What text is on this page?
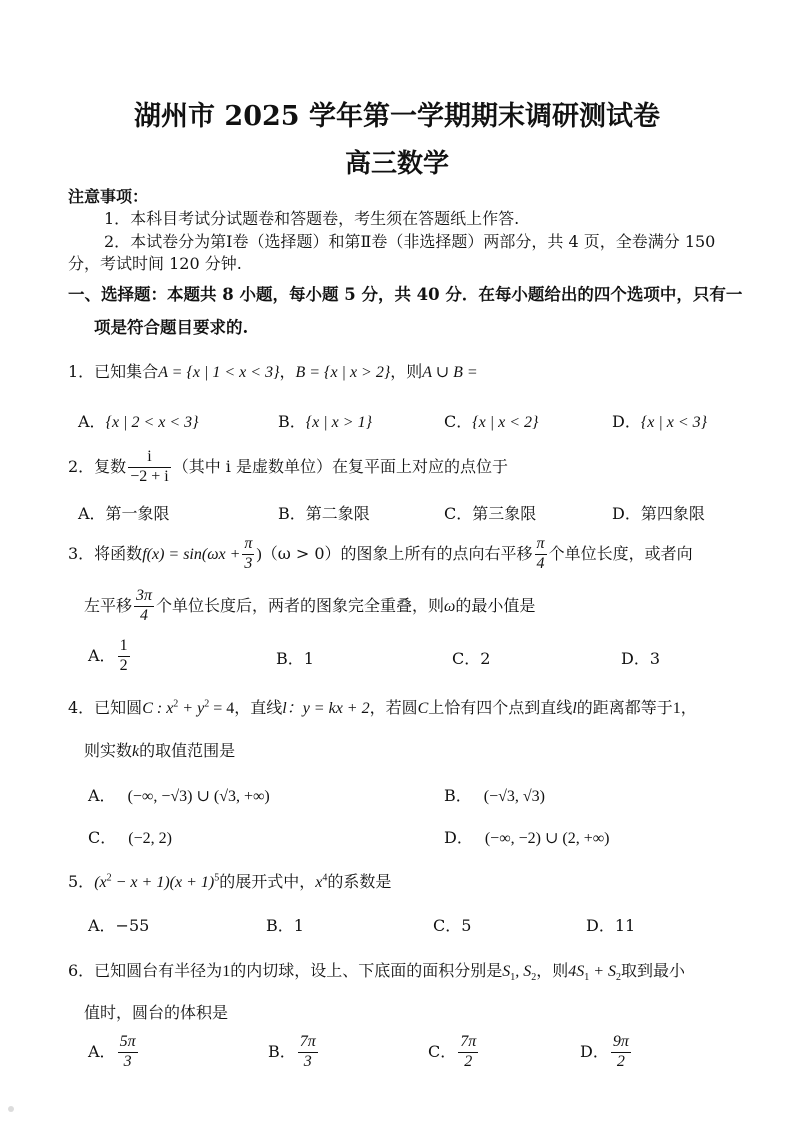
湖州市 2025 学年第一学期期末调研测试卷
高三数学
注意事项：
1．本科目考试分试题卷和答题卷，考生须在答题纸上作答.
2．本试卷分为第Ⅰ卷（选择题）和第Ⅱ卷（非选择题）两部分，共 4 页，全卷满分 150
分，考试时间 120 分钟.
一、选择题：本题共 8 小题，每小题 5 分，共 40 分．在每小题给出的四个选项中，只有一
项是符合题目要求的.
1．已知集合A = {x | 1 < x < 3}，B = {x | x > 2}，则A ∪ B =
A．{x | 2 < x < 3}	B．{x | x > 1}	C．{x | x < 2}	D．{x | x < 3}
2．复数 $\frac{i}{-2 + i}$ （其中 i 是虚数单位）在复平面上对应的点位于
A．第一象限	B．第二象限	C．第三象限	D．第四象限
3．将函数$f(x) = \sin(\omega x + \frac{\pi}{3} )(\omega > 0)$的图象上所有的点向右平移 $\frac{\pi}{4}$ 个单位长度，或者向
左平移 $\frac{3\pi}{4}$ 个单位长度后，两者的图象完全重叠，则ω的最小值是
A． $\frac{1}{2}$	B．1	C．2	D．3
4．已知圆C : $x^2 + y^2 = 4$，直线l：y = kx + 2，若圆C上恰有四个点到直线l的距离都等于1，
则实数k的取值范围是
A． (−∞, −√3) ∪ (√3, +∞)	B． (−√3, √3)
C． (−2, 2)	D． (−∞, −2) ∪ (2, +∞)
5．$(x^2 - x + 1)(x + 1)^5$的展开式中，$x^4$的系数是
A．−55	B．1	C．5	D．11
6．已知圆台有半径为1的内切球，设上、下底面的面积分别是$S_1$, $S_2$，则$4S_1 + S_2$取到最小
值时，圆台的体积是
A． $\frac{5\pi}{3}$	B． $\frac{7\pi}{3}$	C． $\frac{7\pi}{2}$	D． $\frac{9\pi}{2}$
